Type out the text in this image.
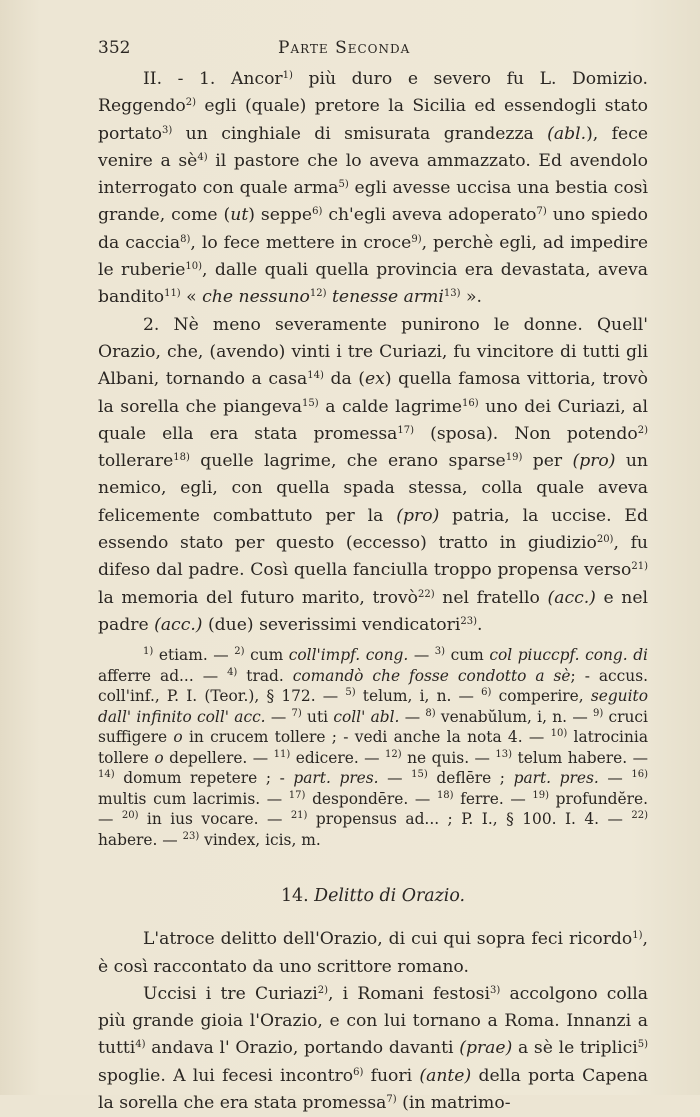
352	Parte Seconda

II. - 1. Ancor$^{1)}$ più duro e severo fu L. Domizio. Reggendo$^{2)}$ egli (quale) pretore la Sicilia ed essendogli stato portato$^{3)}$ un cinghiale di smisurata grandezza (abl.), fece venire a $sè^{4)}$ il pastore che lo aveva ammazzato. Ed avendolo interrogato con quale arma$^{5)}$ egli avesse uccisa una bestia così grande, come (ut) seppe$^{6)}$ ch'egli aveva adoperato$^{7)}$ uno spiedo da caccia$^{8)}$, lo fece mettere in croce$^{9)}$, perchè egli, ad impedire le ruberie$^{10)}$, dalle quali quella provincia era devastata, aveva bandito$^{11)}$ « che nessuno$^{12)}$ tenesse armi$^{13)}$ ».

2. Nè meno severamente punirono le donne. Quell' Orazio, che, (avendo) vinti i tre Curiazi, fu vincitore di tutti gli Albani, tornando a casa$^{14)}$ da (ex) quella famosa vittoria, trovò la sorella che piangeva$^{15)}$ a calde lagrime$^{16)}$ uno dei Curiazi, al quale ella era stata promessa$^{17)}$ (sposa). Non potendo$^{2)}$ tollerare$^{18)}$ quelle lagrime, che erano sparse$^{19)}$ per (pro) un nemico, egli, con quella spada stessa, colla quale aveva felicemente combattuto per la (pro) patria, la uccise. Ed essendo stato per questo (eccesso) tratto in giudizio$^{20)}$, fu difeso dal padre. Così quella fanciulla troppo propensa verso$^{21)}$ la memoria del futuro marito, trovò$^{22)}$ nel fratello (acc.) e nel padre (acc.) (due) severissimi vendicatori$^{23)}$.

$^{1)}$ etiam. — $^{2)}$ cum coll'impf. cong. — $^{3)}$ cum col piuccpf. cong. di afferre ad... — $^{4)}$ trad. comandò che fosse condotto a sè; - accus. coll'inf., P. I. (Teor.), § 172. — $^{5)}$ telum, i, n. — $^{6)}$ comperire, seguito dall' infinito coll' acc. — $^{7)}$ uti coll' abl. — $^{8)}$ venabŭlum, i, n. — $^{9)}$ cruci suffigere o in crucem tollere ; - vedi anche la nota 4. — $^{10)}$ latrocinia tollere o depellere. — $^{11)}$ edicere. — $^{12)}$ ne quis. — $^{13)}$ telum habere. — $^{14)}$ domum repetere ; - part. pres. — $^{15)}$ deflēre ; part. pres. — $^{16)}$ multis cum lacrimis. — $^{17)}$ despondēre. — $^{18)}$ ferre. — $^{19)}$ profundĕre. — $^{20)}$ in ius vocare. — $^{21)}$ propensus ad... ; P. I., § 100. I. 4. — $^{22)}$ habere. — $^{23)}$ vindex, icis, m.

14. Delitto di Orazio.

L'atroce delitto dell'Orazio, di cui qui sopra feci ricordo$^{1)}$, è così raccontato da uno scrittore romano.

Uccisi i tre Curiazi$^{2)}$, i Romani festosi$^{3)}$ accolgono colla più grande gioia l'Orazio, e con lui tornano a Roma. Innanzi a tutti$^{4)}$ andava l' Orazio, portando davanti (prae) a sè le triplici$^{5)}$ spoglie. A lui fecesi incontro$^{6)}$ fuori (ante) della porta Capena la sorella che era stata promessa$^{7)}$ (in matrimo-
